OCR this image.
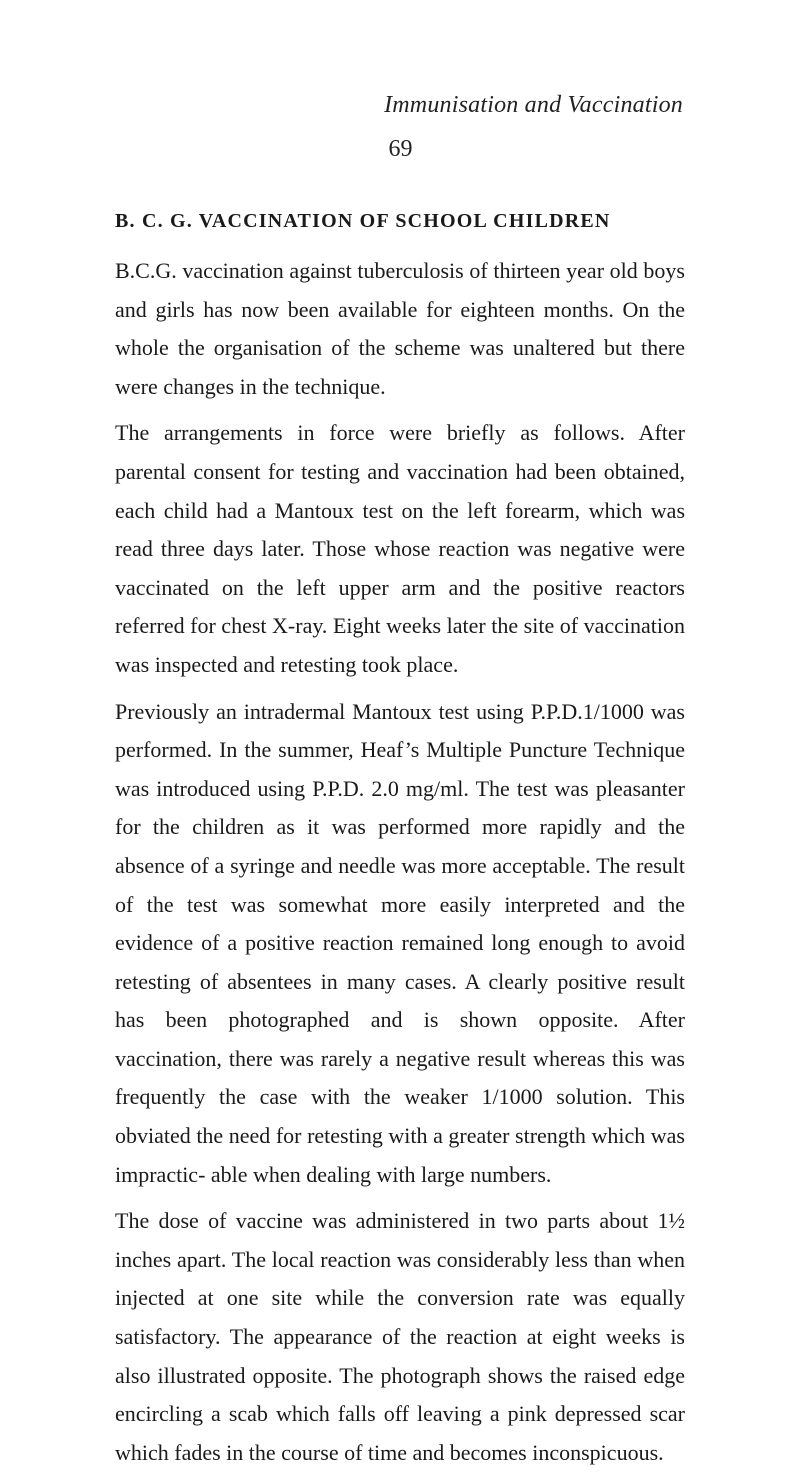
Immunisation and Vaccination
69
B. C. G. VACCINATION OF SCHOOL CHILDREN

B.C.G. vaccination against tuberculosis of thirteen year old boys and girls has now been available for eighteen months. On the whole the organisation of the scheme was unaltered but there were changes in the technique.

The arrangements in force were briefly as follows. After parental consent for testing and vaccination had been obtained, each child had a Mantoux test on the left forearm, which was read three days later. Those whose reaction was negative were vaccinated on the left upper arm and the positive reactors referred for chest X-ray. Eight weeks later the site of vaccination was inspected and retesting took place.

Previously an intradermal Mantoux test using P.P.D.1/1000 was performed. In the summer, Heaf’s Multiple Puncture Technique was introduced using P.P.D. 2.0 mg/ml. The test was pleasanter for the children as it was performed more rapidly and the absence of a syringe and needle was more acceptable. The result of the test was somewhat more easily interpreted and the evidence of a positive reaction remained long enough to avoid retesting of absentees in many cases. A clearly positive result has been photographed and is shown opposite. After vaccination, there was rarely a negative result whereas this was frequently the case with the weaker 1/1000 solution. This obviated the need for retesting with a greater strength which was impractic- able when dealing with large numbers.

The dose of vaccine was administered in two parts about 1½ inches apart. The local reaction was considerably less than when injected at one site while the conversion rate was equally satisfactory. The appearance of the reaction at eight weeks is also illustrated opposite. The photograph shows the raised edge encircling a scab which falls off leaving a pink depressed scar which fades in the course of time and becomes inconspicuous.
